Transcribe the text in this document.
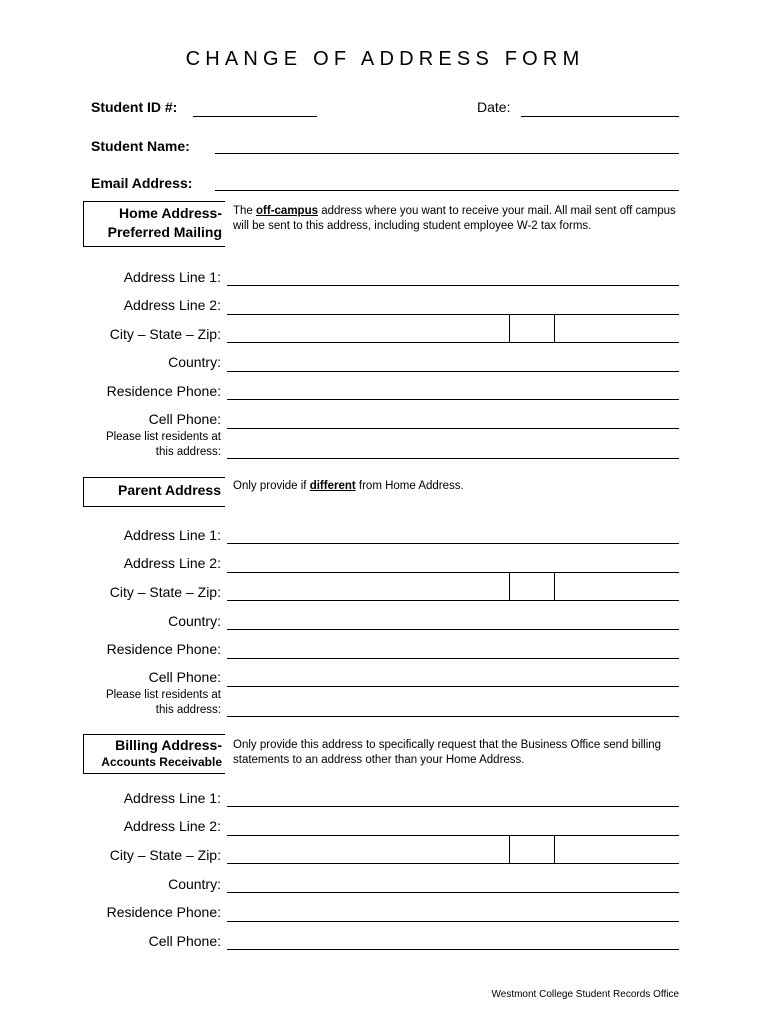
CHANGE OF ADDRESS FORM
Student ID #:	Date:
Student Name:
Email Address:
Home Address-
Preferred Mailing
The off-campus address where you want to receive your mail. All mail sent off campus will be sent to this address, including student employee W-2 tax forms.
Address Line 1:
Address Line 2:
City – State – Zip:
Country:
Residence Phone:
Cell Phone:
Please list residents at
this address:
Parent Address Only provide if different from Home Address.
Address Line 1:
Address Line 2:
City – State – Zip:
Country:
Residence Phone:
Cell Phone:
Please list residents at
this address:
Billing Address-
Accounts Receivable
Only provide this address to specifically request that the Business Office send billing statements to an address other than your Home Address.
Address Line 1:
Address Line 2:
City – State – Zip:
Country:
Residence Phone:
Cell Phone:
Westmont College Student Records Office
